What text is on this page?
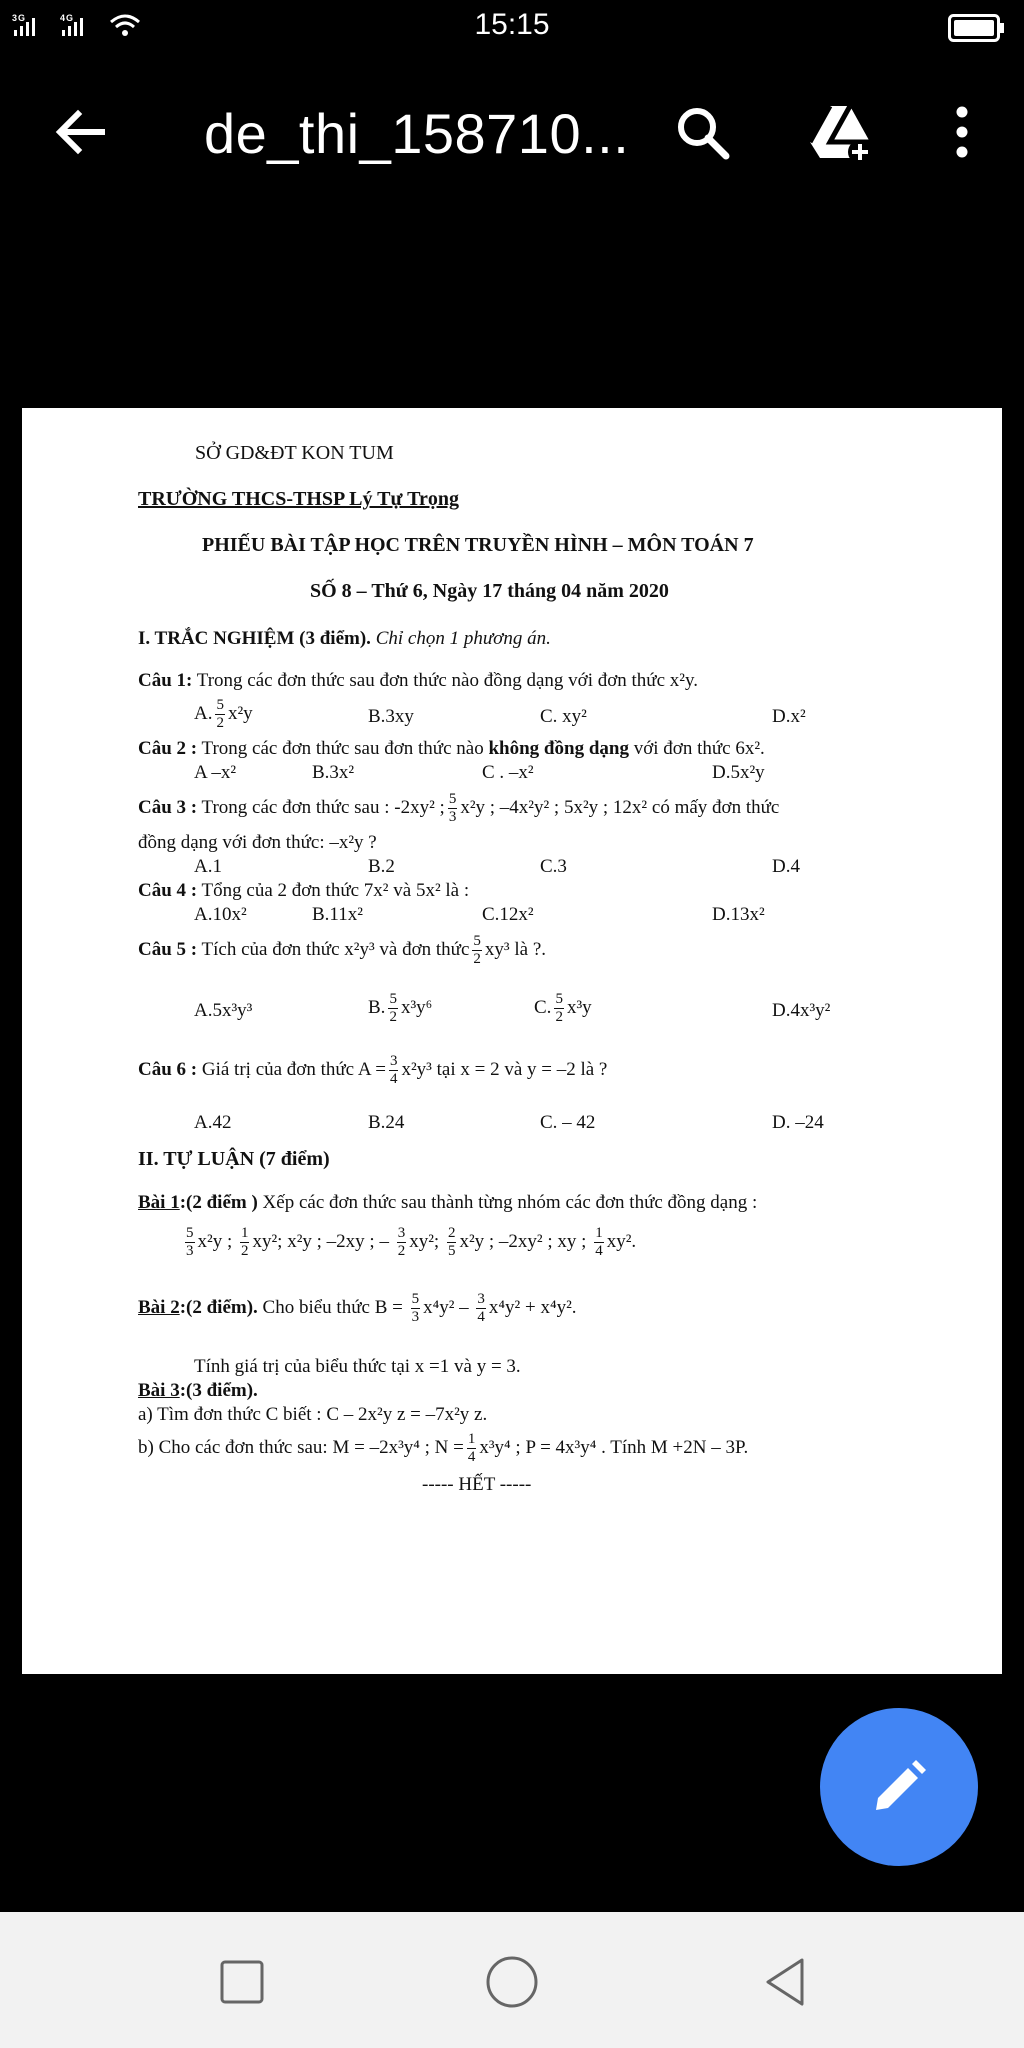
3G	4G	15:15
de_thi_158710...
SỞ GD&ĐT KON TUM
TRƯỜNG THCS-THSP Lý Tự Trọng
PHIẾU BÀI TẬP HỌC TRÊN TRUYỀN HÌNH – MÔN TOÁN 7
SỐ 8 – Thứ 6, Ngày 17 tháng 04 năm 2020
I. TRẮC NGHIỆM (3 điểm). Chỉ chọn 1 phương án.
Câu 1: Trong các đơn thức sau đơn thức nào đồng dạng với đơn thức x²y.
A. $\frac{5}{2} x^2y$	B.3xy	C. xy²	D.x²
Câu 2 : Trong các đơn thức sau đơn thức nào không đồng dạng với đơn thức 6x².
A –x²	B.3x²	C . –x²	D.5x²y
Câu 3 : Trong các đơn thức sau : -2xy² ; $\frac{5}{3} x^2y$ ; –4x²y² ; 5x²y ; 12x² có mấy đơn thức
đồng dạng với đơn thức: –x²y ?
A.1	B.2	C.3	D.4
Câu 4 : Tổng của 2 đơn thức 7x² và 5x² là :
A.10x²	B.11x²	C.12x²	D.13x²
Câu 5 : Tích của đơn thức x²y³ và đơn thức $\frac{5}{2} xy^3$ là ?.
A.5x³y³	B. $\frac{5}{2} x^3y^6$	C. $\frac{5}{2} x^3y$	D.4x³y²
Câu 6 : Giá trị của đơn thức $A = \frac{3}{4} x^2y^3$ tại x = 2 và y = –2 là ?
A.42	B.24	C. – 42	D. –24
II. TỰ LUẬN (7 điểm)
Bài 1:(2 điểm ) Xếp các đơn thức sau thành từng nhóm các đơn thức đồng dạng :
$\frac{5}{3} x^2y$ ; $\frac{1}{2} xy^2$; x²y ; –2xy ; – $\frac{3}{2} xy^2$; $\frac{2}{5} x^2y$ ; –2xy² ; xy ; $\frac{1}{4} xy^2$.
Bài 2:(2 điểm). Cho biểu thức $B = \frac{5}{3} x^4y^2 - \frac{3}{4} x^4y^2 + x^4y^2$.
Tính giá trị của biểu thức tại x =1 và y = 3.
Bài 3:(3 điểm).
a) Tìm đơn thức C biết : C – 2x²y z = –7x²y z.
b) Cho các đơn thức sau: M = –2x³y⁴ ; $N = \frac{1}{4} x^3y^4$ ; P = 4x³y⁴ . Tính M +2N – 3P.
----- HẾT -----
